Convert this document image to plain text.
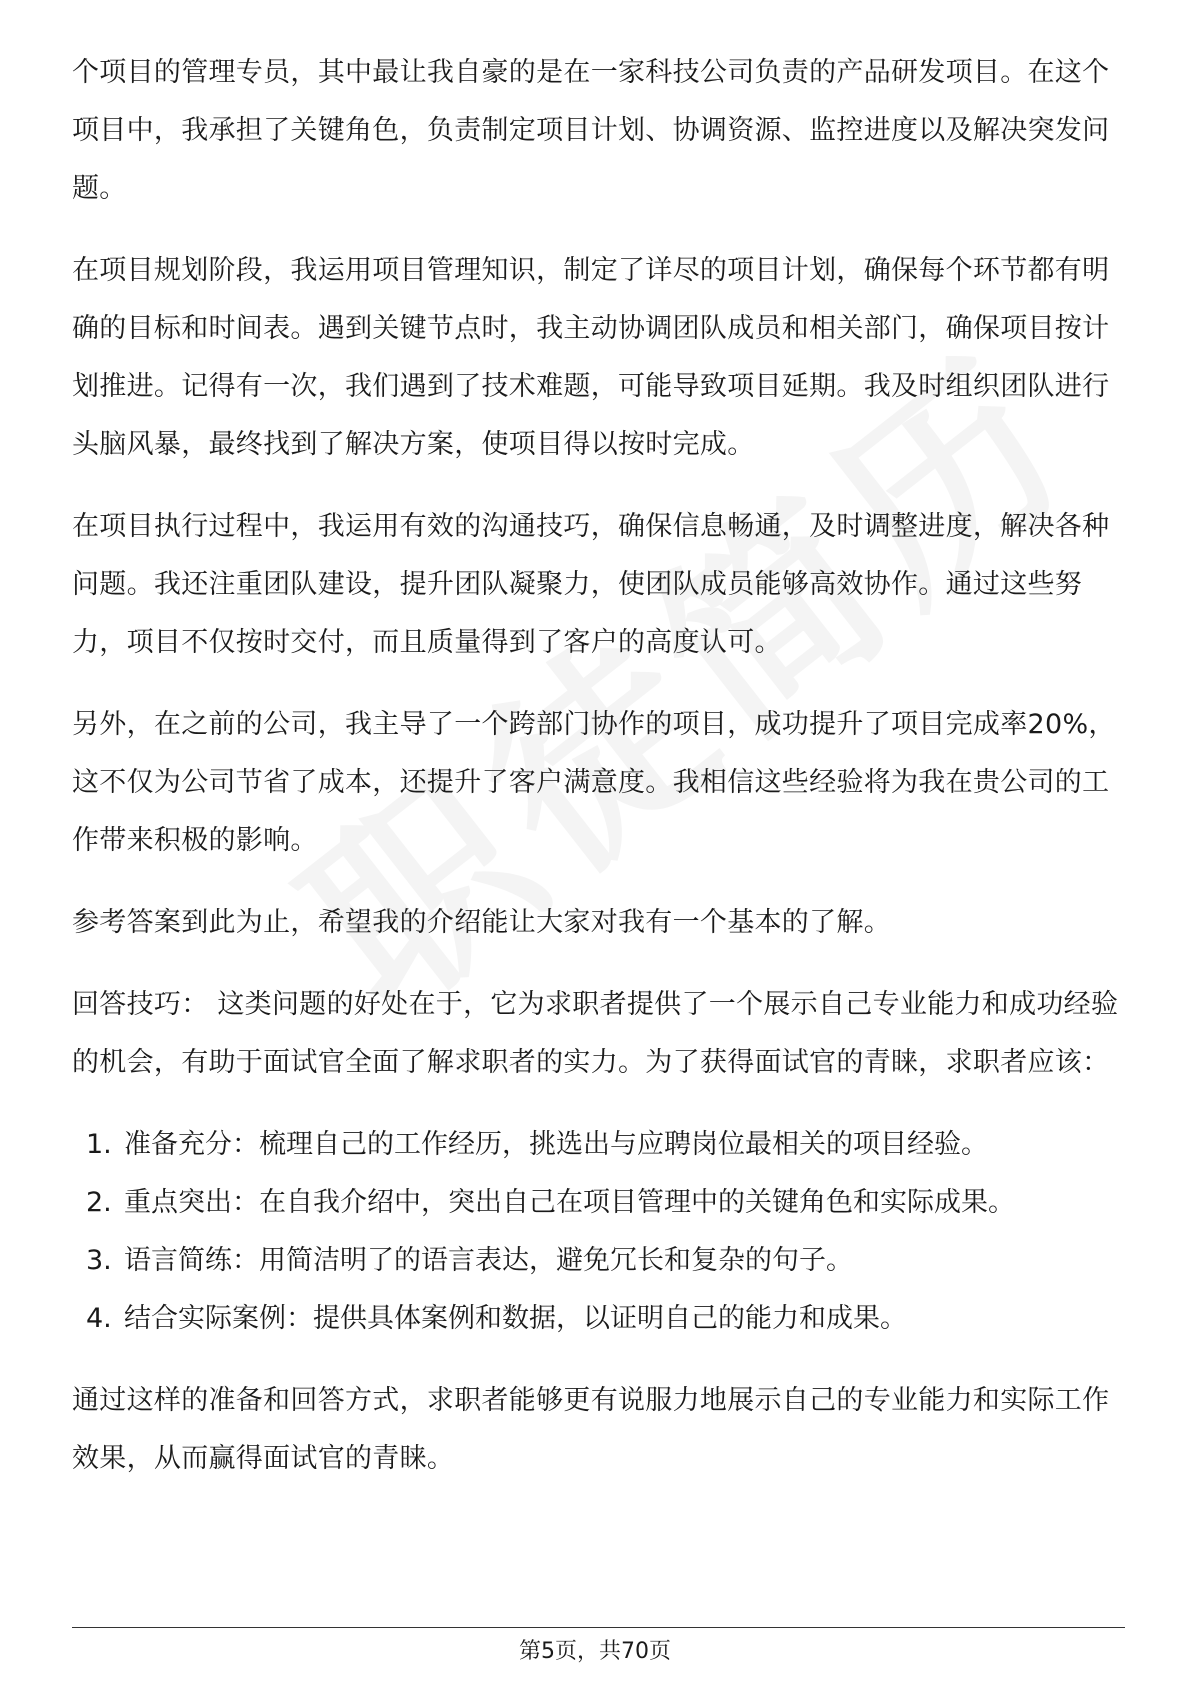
个项目的管理专员，其中最让我自豪的是在一家科技公司负责的产品研发项目。在这个项目中，我承担了关键角色，负责制定项目计划、协调资源、监控进度以及解决突发问题。

在项目规划阶段，我运用项目管理知识，制定了详尽的项目计划，确保每个环节都有明确的目标和时间表。遇到关键节点时，我主动协调团队成员和相关部门，确保项目按计划推进。记得有一次，我们遇到了技术难题，可能导致项目延期。我及时组织团队进行头脑风暴，最终找到了解决方案，使项目得以按时完成。

在项目执行过程中，我运用有效的沟通技巧，确保信息畅通，及时调整进度，解决各种问题。我还注重团队建设，提升团队凝聚力，使团队成员能够高效协作。通过这些努力，项目不仅按时交付，而且质量得到了客户的高度认可。

另外，在之前的公司，我主导了一个跨部门协作的项目，成功提升了项目完成率20%，这不仅为公司节省了成本，还提升了客户满意度。我相信这些经验将为我在贵公司的工作带来积极的影响。

参考答案到此为止，希望我的介绍能让大家对我有一个基本的了解。

回答技巧： 这类问题的好处在于，它为求职者提供了一个展示自己专业能力和成功经验的机会，有助于面试官全面了解求职者的实力。为了获得面试官的青睐，求职者应该：

1. 准备充分：梳理自己的工作经历，挑选出与应聘岗位最相关的项目经验。
2. 重点突出：在自我介绍中，突出自己在项目管理中的关键角色和实际成果。
3. 语言简练：用简洁明了的语言表达，避免冗长和复杂的句子。
4. 结合实际案例：提供具体案例和数据，以证明自己的能力和成果。

通过这样的准备和回答方式，求职者能够更有说服力地展示自己的专业能力和实际工作效果，从而赢得面试官的青睐。

第5页，共70页
